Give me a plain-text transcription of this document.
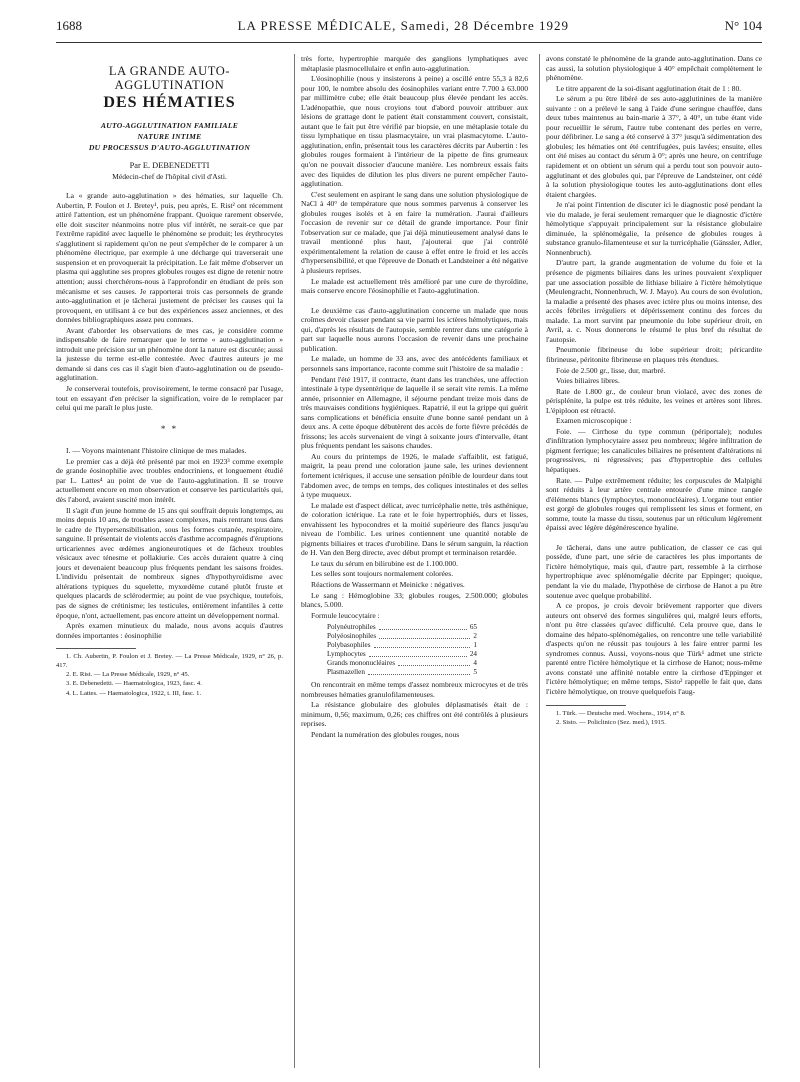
1688	LA PRESSE MÉDICALE, Samedi, 28 Décembre 1929	N° 104
LA GRANDE AUTO-AGGLUTINATION
DES HÉMATIES
AUTO-AGGLUTINATION FAMILIALE
NATURE INTIME
DU PROCESSUS D'AUTO-AGGLUTINATION
Par E. DEBENEDETTI
Médecin-chef de l'hôpital civil d'Asti.

La « grande auto-agglutination » des hématies, sur laquelle Ch. Aubertin, P. Foulon et J. Bretey¹, puis, peu après, E. Rist² ont récemment attiré l'attention, est un phénomène frappant. Quoique rarement observée, elle doit susciter néanmoins notre plus vif intérêt, ne serait-ce que par l'extrême rapidité avec laquelle le phénomène se produit; les érythrocytes s'agglutinent si rapidement qu'on ne peut s'empêcher de le comparer à un phénomène électrique, par exemple à une décharge qui traverserait une suspension et en provoquerait la précipitation. Le fait même d'observer un plasma qui agglutine ses propres globules rouges est digne de retenir notre attention; aussi cherchérons-nous à l'approfondir en étudiant de près son mécanisme et ses causes. Je rapporterai trois cas personnels de grande auto-agglutination et je tâcherai justement de préciser les causes qui la provoquent, en utilisant à ce but des expériences assez anciennes, et des données bibliographiques assez peu connues.

Avant d'aborder les observations de mes cas, je considère comme indispensable de faire remarquer que le terme « auto-agglutination » introduit une précision sur un phénomène dont la nature est discutée; aussi la justesse du terme est-elle contestée. Avec d'autres auteurs je me demande si dans ces cas il s'agit bien d'auto-agglutination ou de pseudo-agglutination.

Je conserverai toutefois, provisoirement, le terme consacré par l'usage, tout en essayant d'en préciser la signification, voire de le remplacer par celui qui me paraît le plus juste.

* *

I. — Voyons maintenant l'histoire clinique de mes malades.

Le premier cas a déjà été présenté par moi en 1923³ comme exemple de grande éosinophilie avec troubles endocriniens, et longuement étudié par L. Lattes⁴ au point de vue de l'auto-agglutination. Il se trouve actuellement encore en mon observation et conserve les particularités qui, dès l'abord, avaient suscité mon intérêt.

Il s'agit d'un jeune homme de 15 ans qui souffrait depuis longtemps, au moins depuis 10 ans, de troubles assez complexes, mais rentrant tous dans le cadre de l'hypersensibilisation, sous les formes cutanée, respiratoire, sanguine. Il présentait de violents accès d'asthme accompagnés d'éruptions urticariennes avec œdèmes angioneurotiques et de fâcheux troubles vésicaux avec ténesme et pollakiurie. Ces accès duraient quatre à cinq jours et devenaient beaucoup plus fréquents pendant les saisons froides. L'individu présentait de nombreux signes d'hypothyroïdisme avec altérations typiques du squelette, myxœdème cutané plutôt fruste et quelques placards de sclérodermie; au point de vue psychique, toutefois, pas de signes de crétinisme; les testicules, entièrement infantiles à cette époque, n'ont, actuellement, pas encore atteint un développement normal.

Après examen minutieux du malade, nous avons acquis d'autres données importantes : éosinophilie

1. Ch. Aubertin, P. Foulon et J. Bretey. — La Presse Médicale, 1929, n° 26, p. 417.

2. E. Rist. — La Presse Médicale, 1929, n° 45.

3. E. Debenedetti. — Haematologica, 1923, fasc. 4.

4. L. Lattes. — Haematologica, 1922, t. III, fasc. 1.

très forte, hypertrophie marquée des ganglions lymphatiques avec métaplasie plasmocellulaire et enfin auto-agglutination.

L'éosinophilie (nous y insisterons à peine) a oscillé entre 55,3 à 82,6 pour 100, le nombre absolu des éosinophiles variant entre 7.700 à 63.000 par millimètre cube; elle était beaucoup plus élevée pendant les accès. L'adénopathie, que nous croyions tout d'abord pouvoir attribuer aux lésions de grattage dont le patient était constamment couvert, consistait, autant que le fait put être vérifié par biopsie, en une métaplasie totale du tissu lymphatique en tissu plasmacytaire, un vrai plasmacytome. L'auto-agglutination, enfin, présentait tous les caractères décrits par Aubertin : les globules rouges formaient à l'intérieur de la pipette de fins grumeaux qu'on ne pouvait dissocier d'aucune manière. Les nombreux essais faits avec des liquides de dilution les plus divers ne purent empêcher l'auto-agglutination.

C'est seulement en aspirant le sang dans une solution physiologique de NaCl à 40° de température que nous sommes parvenus à conserver les globules rouges isolés et à en faire la numération. J'aurai d'ailleurs l'occasion de revenir sur ce détail de grande importance. Pour finir l'observation sur ce malade, que j'ai déjà minutieusement analysé dans le travail mentionné plus haut, j'ajouterai que j'ai contrôlé expérimentalement la relation de cause à effet entre le froid et les accès d'hypersensibilité, et que l'épreuve de Donath et Landsteiner a été négative à plusieurs reprises.

Le malade est actuellement très amélioré par une cure de thyroïdine, mais conserve encore l'éosinophilie et l'auto-agglutination.

Le deuxième cas d'auto-agglutination concerne un malade que nous croîmes devoir classer pendant sa vie parmi les ictères hémolytiques, mais qui, d'après les résultats de l'autopsie, semble rentrer dans une catégorie à part sur laquelle nous aurons l'occasion de revenir dans une prochaine publication.

Le malade, un homme de 33 ans, avec des antécédents familiaux et personnels sans importance, raconte comme suit l'histoire de sa maladie :

Pendant l'été 1917, il contracte, étant dans les tranchées, une affection intestinale à type dysentérique de laquelle il se serait vite remis. La même année, prisonnier en Allemagne, il séjourne pendant treize mois dans de très mauvaises conditions hygiéniques. Rapatrié, il eut la grippe qui guérit sans complications et bénéficia ensuite d'une bonne santé pendant un à deux ans. A cette époque débutèrent des accès de forte fièvre précédés de frissons; les accès survenaient de vingt à soixante jours d'intervalle, étant plus fréquents pendant les saisons chaudes.

Au cours du printemps de 1926, le malade s'affaiblit, est fatigué, maigrit, la peau prend une coloration jaune sale, les urines deviennent fortement ictériques, il accuse une sensation pénible de lourdeur dans tout l'abdomen avec, de temps en temps, des coliques intestinales et des selles à type muqueux.

Le malade est d'aspect délicat, avec turricéphalie nette, très asthénique, de coloration ictérique. La rate et le foie hypertrophiés, durs et lisses, envahissent les hypocondres et la moitié supérieure des flancs jusqu'au niveau de l'ombilic. Les urines contiennent une quantité notable de pigments biliaires et traces d'urobiline. Dans le sérum sanguin, la réaction de H. Van den Berg directe, avec début prompt et terminaison retardée.

Le taux du sérum en bilirubine est de 1.100.000.

Les selles sont toujours normalement colorées.

Réactions de Wassermann et Meinicke : négatives.

Le sang : Hémoglobine 33; globules rouges, 2.500.000; globules blancs, 5.000.

Formule leucocytaire :

Polynéutrophiles	65
Polyéosinophiles	2
Polybasophiles	1
Lymphocytes	24
Grands mononucléaires	4
Plasmazellen	5

On rencontrait en même temps d'assez nombreux microcytes et de très nombreuses hématies granulofilamenteuses.

La résistance globulaire des globules déplasmatisés était de : minimum, 0,56; maximum, 0,26; ces chiffres ont été contrôlés à plusieurs reprises.

Pendant la numération des globules rouges, nous

avons constaté le phénomène de la grande auto-agglutination. Dans ce cas aussi, la solution physiologique à 40° empêchait complètement le phénomène.

Le titre apparent de la soi-disant agglutination était de 1 : 80.

Le sérum a pu être libéré de ses auto-agglutinines de la manière suivante : on a prélevé le sang à l'aide d'une seringue chauffée, dans deux tubes maintenus au bain-marie à 37°, à 40°, un tube étant vide pour recueillir le sérum, l'autre tube contenant des perles en verre, pour défibriner. Le sang a été conservé à 37° jusqu'à sédimentation des globules; les hématies ont été centrifugées, puis lavées; ensuite, elles ont été mises au contact du sérum à 0°; après une heure, on centrifuge rapidement et on obtient un sérum qui a perdu tout son pouvoir auto-agglutinant et des globules qui, par l'épreuve de Landsteiner, ont cédé à la solution physiologique toutes les auto-agglutinations dont elles étaient chargées.

Je n'ai point l'intention de discuter ici le diagnostic posé pendant la vie du malade, je ferai seulement remarquer que le diagnostic d'ictère hémolytique s'appuyait principalement sur la résistance globulaire diminuée, la splénomégalie, la présence de globules rouges à substance granulo-filamenteuse et sur la turricéphalie (Gänssler, Adler, Nonnenbruch).

D'autre part, la grande augmentation de volume du foie et la présence de pigments biliaires dans les urines pouvaient s'expliquer par une association possible de lithiase biliaire à l'ictère hémolytique (Meulengracht, Nonnenbruch, W. J. Mayo). Au cours de son évolution, la maladie a présenté des phases avec ictère plus ou moins intense, des accès fébriles irréguliers et dépérissement continu des forces du malade. La mort survint par pneumonie du lobe supérieur droit, en Avril, a. c. Nous donnerons le résumé le plus bref du résultat de l'autopsie.

Pneumonie fibrineuse du lobe supérieur droit; péricardite fibrineuse, péritonite fibrineuse en plaques très étendues.

Foie de 2.500 gr., lisse, dur, marbré.

Voies biliaires libres.

Rate de 1.800 gr., de couleur brun violacé, avec des zones de périsplénite, la pulpe est très réduite, les veines et artères sont libres. L'épiploon est rétracté.

Examen microscopique :

Foie. — Cirrhose du type commun (périportale); nodules d'infiltration lymphocytaire assez peu nombreux; légère infiltration de pigment ferrique; les canalicules biliaires ne présentent d'altérations ni progressives, ni régressives; pas d'hypertrophie des cellules hépatiques.

Rate. — Pulpe extrêmement réduite; les corpuscules de Malpighi sont réduits à leur artère centrale entourée d'une mince rangée d'éléments blancs (lymphocytes, mononucléaires). L'organe tout entier est gorgé de globules rouges qui remplissent les sinus et forment, en somme, toute la masse du tissu, soutenus par un réticulum légèrement épaissi avec légère dégénérescence hyaline.

Je tâcherai, dans une autre publication, de classer ce cas qui possède, d'une part, une série de caractères les plus importants de l'ictère hémolytique, mais qui, d'autre part, ressemble à la cirrhose hypertrophique avec splénomégalie décrite par Eppinger; quoique, pendant la vie du malade, l'hypothèse de cirrhose de Hanot a pu être soutenue avec quelque probabilité.

A ce propos, je crois devoir brièvement rapporter que divers auteurs ont observé des formes singulières qui, malgré leurs efforts, n'ont pu être classées qu'avec difficulté. Cela prouve que, dans le domaine des hépato-splénomégalies, on rencontre une telle variabilité d'aspects qu'on ne réussit pas toujours à les faire entrer parmi les syndromes connus. Aussi, voyons-nous que Türk¹ admet une stricte parenté entre l'ictère hémolytique et la cirrhose de Hanot; nous-même avons constaté une affinité notable entre la cirrhose d'Eppinger et l'ictère hémolytique; en même temps, Sisto² rappelle le fait que, dans l'ictère hémolytique, on trouve quelquefois l'aug-

1. Türk. — Deutsche med. Wochens., 1914, n° 8.

2. Sisto. — Policlinico (Sez. med.), 1915.
